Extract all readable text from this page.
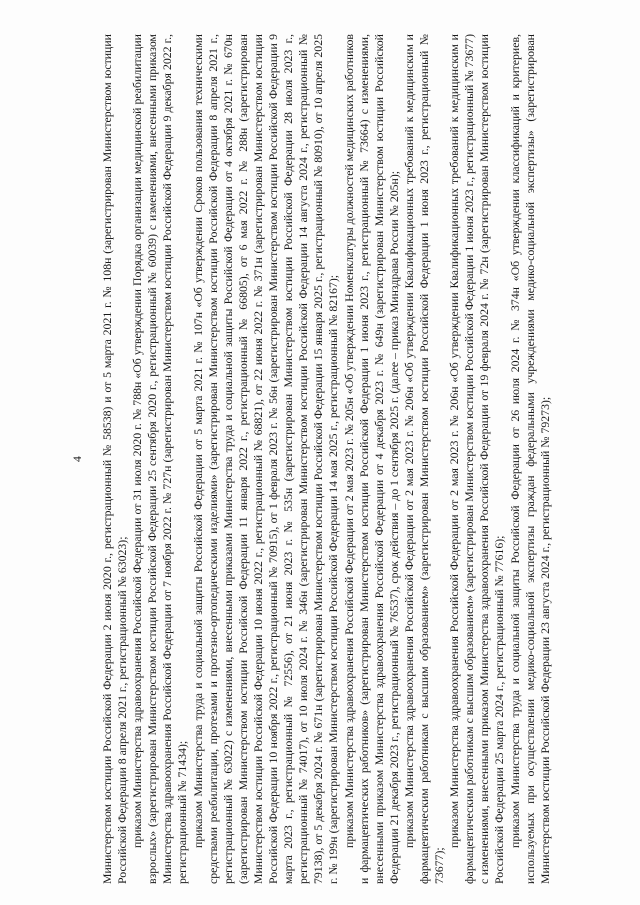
4 Министерством юстиции Российской Федерации 2 июня 2020 г., регистрационный № 58538) и от 5 марта 2021 г. № 108н (зарегистрирован Министерством юстиции Российской Федерации 8 апреля 2021 г., регистрационный № 63023); приказом Министерства здравоохранения Российской Федерации от 31 июля 2020 г. № 788н «Об утверждении Порядка организации медицинской реабилитации взрослых» (зарегистрирован Министерством юстиции Российской Федерации 25 сентября 2020 г., регистрационный № 60039) с изменениями, внесенными приказом Министерства здравоохранения Российской Федерации от 7 ноября 2022 г. № 727н (зарегистрирован Министерством юстиции Российской Федерации 9 декабря 2022 г., регистрационный № 71434); приказом Министерства труда и социальной защиты Российской Федерации от 5 марта 2021 г. № 107н «Об утверждении Сроков пользования техническими средствами реабилитации, протезами и протезно-ортопедическими изделиями» (зарегистрирован Министерством юстиции Российской Федерации 8 апреля 2021 г., регистрационный № 63022) с изменениями, внесенными приказами Министерства труда и социальной защиты Российской Федерации от 4 октября 2021 г. № 670н (зарегистрирован Министерством юстиции Российской Федерации 11 января 2022 г., регистрационный № 66805), от 6 мая 2022 г. № 288н (зарегистрирован Министерством юстиции Российской Федерации 10 июня 2022 г., регистрационный № 68821), от 22 июня 2022 г. № 371н (зарегистрирован Министерством юстиции Российской Федерации 10 ноября 2022 г., регистрационный № 70915), от 1 февраля 2023 г. № 56н (зарегистрирован Министерством юстиции Российской Федерации 9 марта 2023 г., регистрационный № 72556), от 21 июня 2023 г. № 535н (зарегистрирован Министерством юстиции Российской Федерации 28 июля 2023 г., регистрационный № 74017), от 10 июля 2024 г. № 346н (зарегистрирован Министерством юстиции Российской Федерации 14 августа 2024 г., регистрационный № 79138), от 5 декабря 2024 г. № 671н (зарегистрирован Министерством юстиции Российской Федерации 15 января 2025 г., регистрационный № 80910), от 10 апреля 2025 г. № 199н (зарегистрирован Министерством юстиции Российской Федерации 14 мая 2025 г., регистрационный № 82167); приказом Министерства здравоохранения Российской Федерации от 2 мая 2023 г. № 205н «Об утверждении Номенклатуры должностей медицинских работников и фармацевтических работников» (зарегистрирован Министерством юстиции Российской Федерации 1 июня 2023 г., регистрационный № 73664) с изменениями, внесенными приказом Министерства здравоохранения Российской Федерации от 4 декабря 2023 г. № 649н (зарегистрирован Министерством юстиции Российской Федерации 21 декабря 2023 г., регистрационный № 76537), срок действия – до 1 сентября 2025 г. (далее – приказ Минздрава России № 205н); приказом Министерства здравоохранения Российской Федерации от 2 мая 2023 г. № 206н «Об утверждении Квалификационных требований к медицинским и фармацевтическим работникам с высшим образованием» (зарегистрирован Министерством юстиции Российской Федерации 1 июня 2023 г., регистрационный № 73677);

приказом Министерства здравоохранения Российской Федерации от 2 мая 2023 г. № 206н «Об утверждении Квалификационных требований к медицинским и фармацевтическим работникам с высшим образованием» (зарегистрирован Министерством юстиции Российской Федерации 1 июня 2023 г., регистрационный № 73677) с изменениями, внесенными приказом Министерства здравоохранения Российской Федерации от 19 февраля 2024 г. № 72н (зарегистрирован Министерством юстиции Российской Федерации 25 марта 2024 г., регистрационный № 77616); приказом Министерства труда и социальной защиты Российской Федерации от 26 июля 2024 г. № 374н «Об утверждении классификаций и критериев, используемых при осуществлении медико-социальной экспертизы граждан федеральными учреждениями медико-социальной экспертизы» (зарегистрирован Министерством юстиции Российской Федерации 23 августа 2024 г., регистрационный № 79273);
